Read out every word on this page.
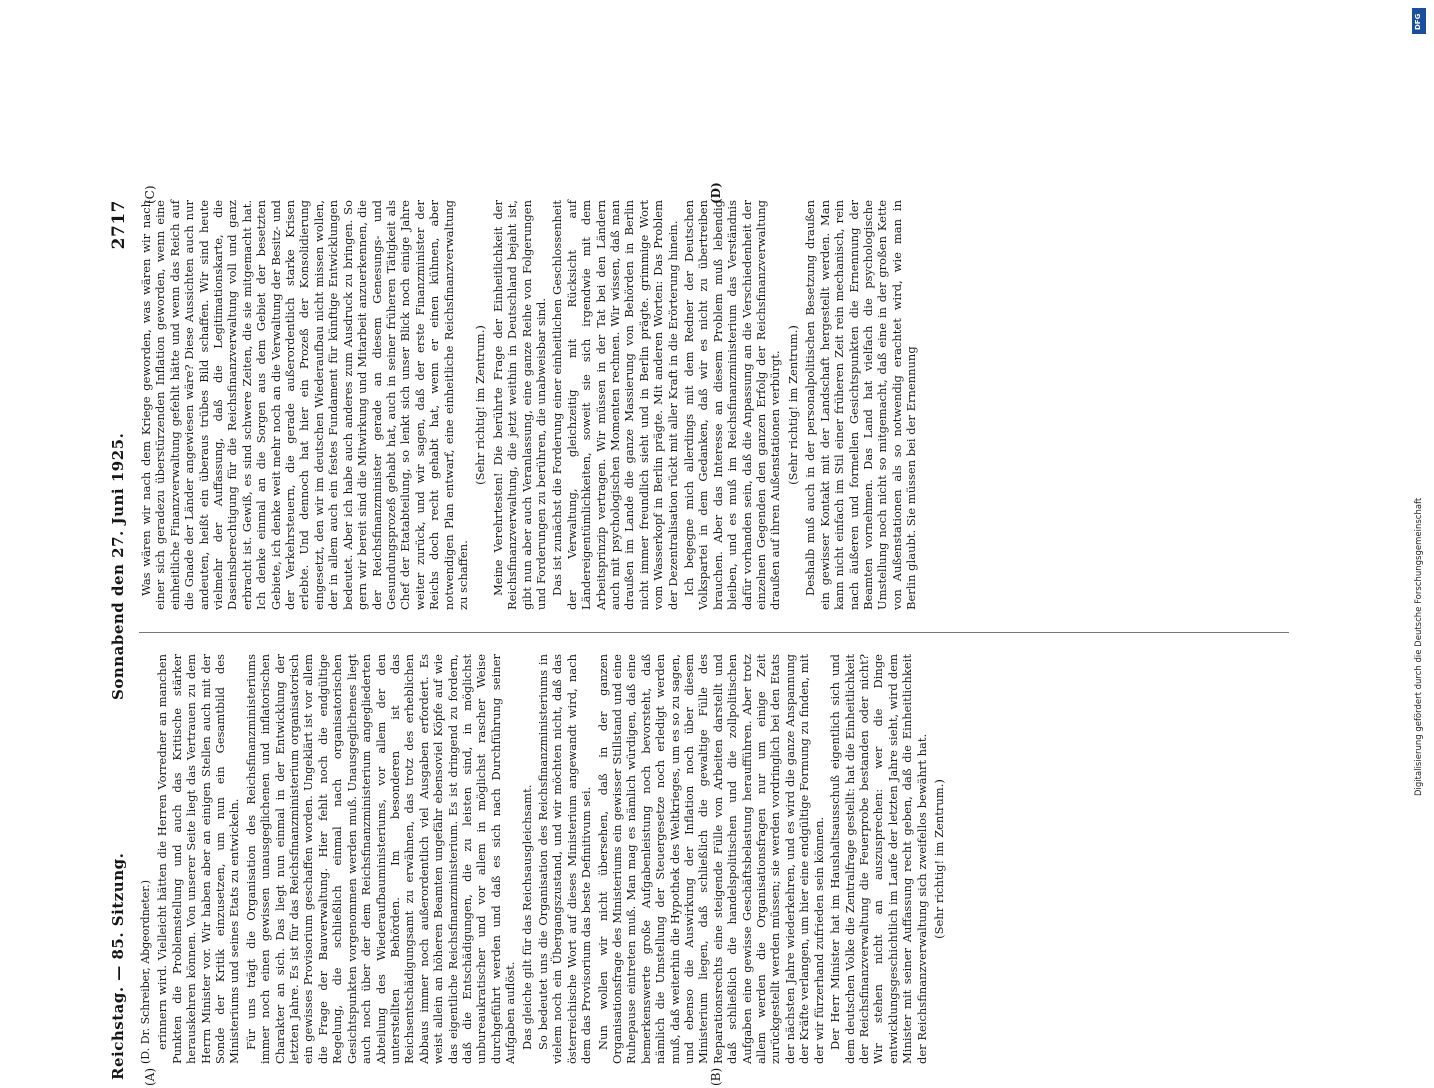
Reichstag. — 85. Sitzung.
Sonnabend den 27. Juni 1925.
2717
(A)	(B)
(C)	(D)

(D. Dr. Schreiber, Abgeordneter.) erinnern wird. Vielleicht hätten die Herren Vorredner an manchen Punkten die Problemstellung und auch das Kritische stärker herauskehren können. Von unserer Seite liegt das Vertrauen zu dem Herrn Minister vor. Wir haben aber an einigen Stellen auch mit der Sonde der Kritik einzusetzen, um nun ein Gesamtbild des Ministeriums und seines Etats zu entwickeln. Für uns trägt die Organisation des Reichsfinanzministeriums immer noch einen gewissen unausgeglichenen und inflatorischen Charakter an sich. Das liegt nun einmal in der Entwicklung der letzten Jahre. Es ist für das Reichsfinanzministerium organisatorisch ein gewisses Provisorium geschaffen worden. Ungeklärt ist vor allem die Frage der Bauverwaltung. Hier fehlt noch die endgültige Regelung, die schließlich einmal nach organisatorischen Gesichtspunkten vorgenommen werden muß. Unausgeglichenes liegt auch noch über der dem Reichsfinanzministerium angegliederten Abteilung des Wiederaufbauministeriums, vor allem der den unterstellten Behörden. Im besonderen ist das Reichsentschädigungsamt zu erwähnen, das trotz des erheblichen Abbaus immer noch außerordentlich viel Ausgaben erfordert. Es weist allein an höheren Beamten ungefähr ebensoviel Köpfe auf wie das eigentliche Reichsfinanzministerium. Es ist dringend zu fordern, daß die Entschädigungen, die zu leisten sind, in möglichst unbureaukratischer und vor allem in möglichst rascher Weise durchgeführt werden und daß es sich nach Durchführung seiner Aufgaben auflöst. Das gleiche gilt für das Reichsausgleichsamt. So bedeutet uns die Organisation des Reichsfinanzministeriums in vielem noch ein Übergangszustand, und wir möchten nicht, daß das österreichische Wort auf dieses Ministerium angewandt wird, nach dem das Provisorium das beste Definitivum sei. Nun wollen wir nicht übersehen, daß in der ganzen Organisationsfrage des Ministeriums ein gewisser Stillstand und eine Ruhepause eintreten muß. Man mag es nämlich würdigen, daß eine bemerkenswerte große Aufgabenleistung noch bevorsteht, daß nämlich die Umstellung der Steuergesetze noch erledigt werden muß, daß weiterhin die Hypothek des Weltkrieges, um es so zu sagen, und ebenso die Auswirkung der Inflation noch über diesem Ministerium liegen, daß schließlich die gewaltige Fülle des Reparationsrechts eine steigende Fülle von Arbeiten darstellt und daß schließlich die handelspolitischen und die zollpolitischen Aufgaben eine gewisse Geschäftsbelastung heraufführen. Aber trotz allem werden die Organisationsfragen nur um einige Zeit zurückgestellt werden müssen; sie werden vordringlich bei den Etats der nächsten Jahre wiederkehren, und es wird die ganze Anspannung der Kräfte verlangen, um hier eine endgültige Formung zu finden, mit der wir fürzerhand zufrieden sein können. Der Herr Minister hat im Haushaltsausschuß eigentlich sich und dem deutschen Volke die Zentralfrage gestellt: hat die Einheitlichkeit der Reichsfinanzverwaltung die Feuerprobe bestanden oder nicht? Wir stehen nicht an auszusprechen: wer die Dinge entwicklungsgeschichtlich im Laufe der letzten Jahre sieht, wird dem Minister mit seiner Auffassung recht geben, daß die Einheitlichkeit der Reichsfinanzverwaltung sich zweifellos bewährt hat. (Sehr richtig! im Zentrum.)

Was wären wir nach dem Kriege geworden, was wären wir nach einer sich geradezu überstürzenden Inflation geworden, wenn eine einheitliche Finanzverwaltung gefehlt hätte und wenn das Reich auf die Gnade der Länder angewiesen wäre? Diese Aussichten auch nur andeuten, heißt ein überaus trübes Bild schaffen. Wir sind heute vielmehr der Auffassung, daß die Legitimationskarte, die Daseinsberechtigung für die Reichsfinanzverwaltung voll und ganz erbracht ist. Gewiß, es sind schwere Zeiten, die sie mitgemacht hat. Ich denke einmal an die Sorgen aus dem Gebiet der besetzten Gebiete, ich denke weit mehr noch an die Verwaltung der Besitz- und der Verkehrsteuern, die gerade außerordentlich starke Krisen erlebte. Und dennoch hat hier ein Prozeß der Konsolidierung eingesetzt, den wir im deutschen Wiederaufbau nicht missen wollen, der in allem auch ein festes Fundament für künftige Entwicklungen bedeutet. Aber ich habe auch anderes zum Ausdruck zu bringen. So gern wir bereit sind die Mitwirkung und Mitarbeit anzuerkennen, die der Reichsfinanzminister gerade an diesem Genesungs- und Gesundungsprozeß gehabt hat, auch in seiner früheren Tätigkeit als Chef der Etatabteilung, so lenkt sich unser Blick noch einige Jahre weiter zurück, und wir sagen, daß der erste Finanzminister der Reichs doch recht gehabt hat, wenn er einen kühnen, aber notwendigen Plan entwarf, eine einheitliche Reichsfinanzverwaltung zu schaffen.

(Sehr richtig! im Zentrum.) Meine Verehrtesten! Die berührte Frage der Einheitlichkeit der Reichsfinanzverwaltung, die jetzt weithin in Deutschland bejaht ist, gibt nun aber auch Veranlassung, eine ganze Reihe von Folgerungen und Forderungen zu berühren, die unabweisbar sind. Das ist zunächst die Forderung einer einheitlichen Geschlossenheit der Verwaltung, gleichzeitig mit Rücksicht auf Ländereigentümlichkeiten, soweit sie sich irgendwie mit dem Arbeitsprinzip vertragen. Wir müssen in der Tat bei den Ländern auch mit psychologischen Momenten rechnen. Wir wissen, daß man draußen im Lande die ganze Massierung von Behörden in Berlin nicht immer freundlich sieht und in Berlin prägte. grimmige Wort vom Wasserkopf in Berlin prägte. Mit anderen Worten: Das Problem der Dezentralisation rückt mit aller Kraft in die Erörterung hinein. Ich begegne mich allerdings mit dem Redner der Deutschen Volkspartei in dem Gedanken, daß wir es nicht zu übertreiben brauchen. Aber das Interesse an diesem Problem muß lebendig bleiben, und es muß im Reichsfinanzministerium das Verständnis dafür vorhanden sein, daß die Anpassung an die Verschiedenheit der einzelnen Gegenden den ganzen Erfolg der Reichsfinanzverwaltung draußen auf ihren Außenstationen verbürgt. (Sehr richtig! im Zentrum.) Deshalb muß auch in der personalpolitischen Besetzung draußen ein gewisser Kontakt mit der Landschaft hergestellt werden. Man kann nicht einfach im Stil einer früheren Zeit rein mechanisch, rein nach äußeren und formellen Gesichtspunkten die Ernennung der Beamten vornehmen. Das Land hat vielfach die psychologische Umstellung noch nicht so mitgemacht, daß eine in der großen Kette von Außenstationen als so notwendig erachtet wird, wie man in Berlin glaubt. Sie müssen bei der Ernennung

DFG
Digitalisierung gefördert durch die Deutsche Forschungsgemeinschaft
